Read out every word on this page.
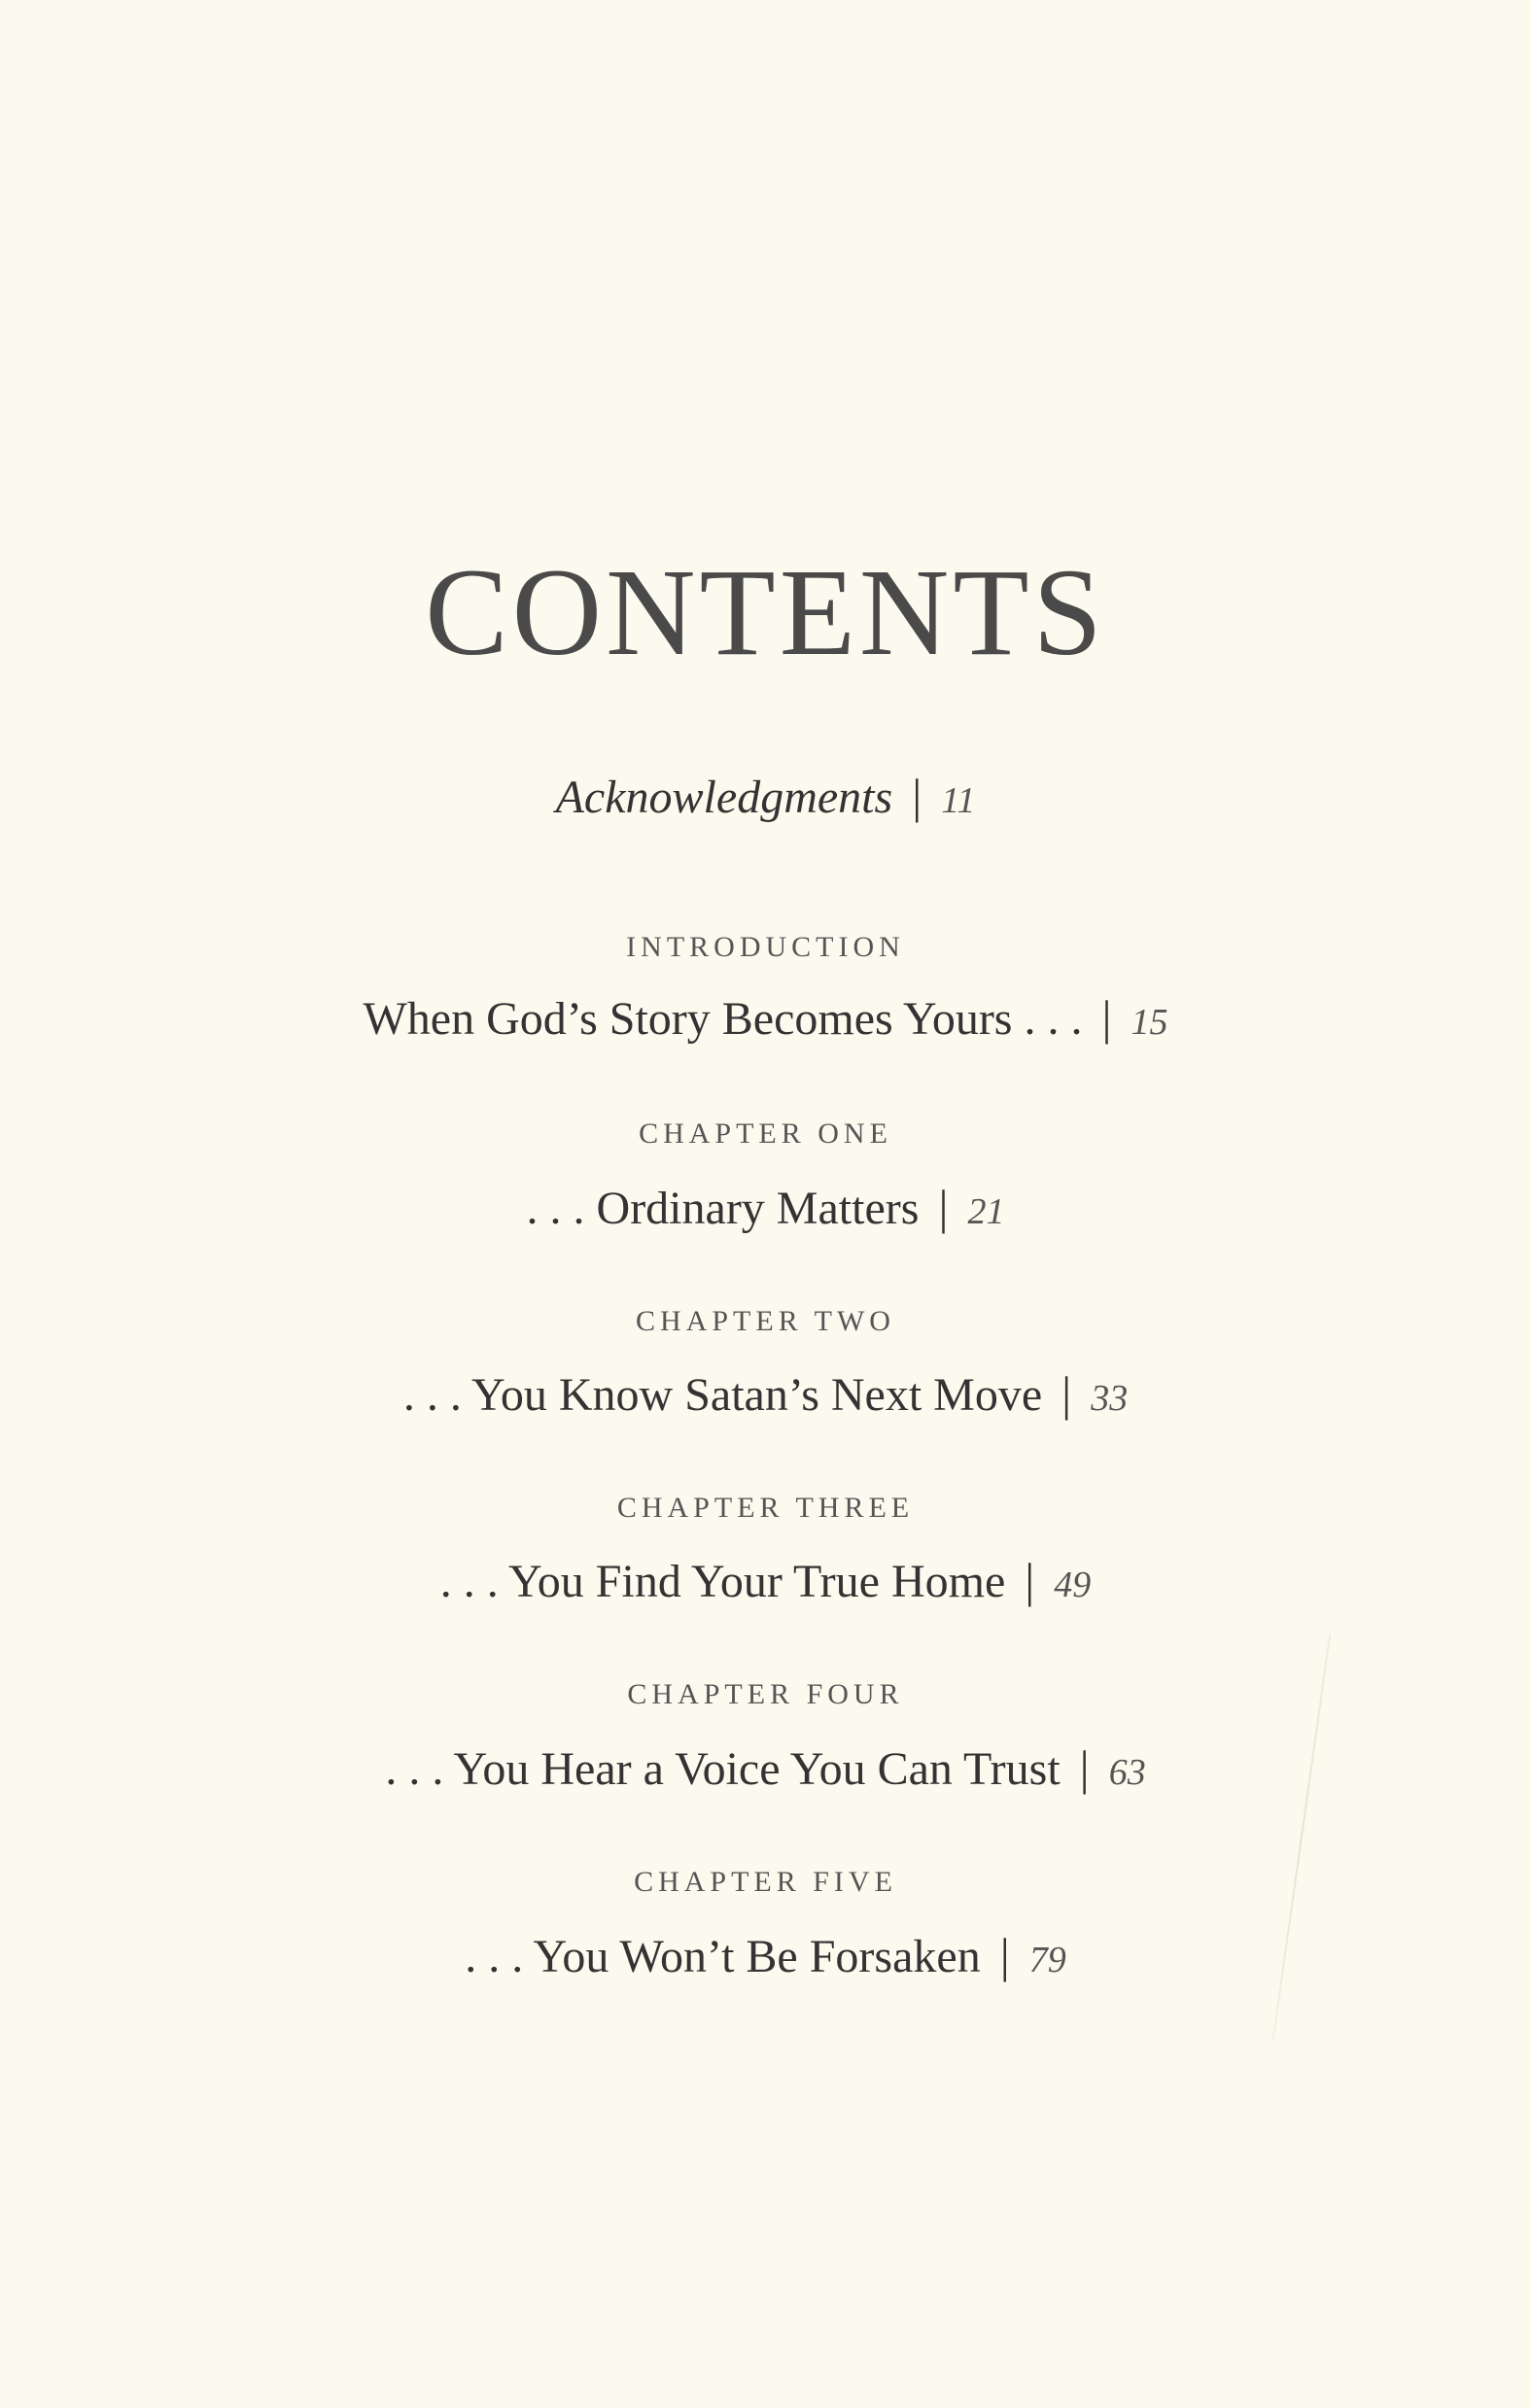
CONTENTS
Acknowledgments | 11
INTRODUCTION
When God’s Story Becomes Yours . . . | 15
CHAPTER ONE
. . . Ordinary Matters | 21
CHAPTER TWO
. . . You Know Satan’s Next Move | 33
CHAPTER THREE
. . . You Find Your True Home | 49
CHAPTER FOUR
. . . You Hear a Voice You Can Trust | 63
CHAPTER FIVE
. . . You Won’t Be Forsaken | 79
